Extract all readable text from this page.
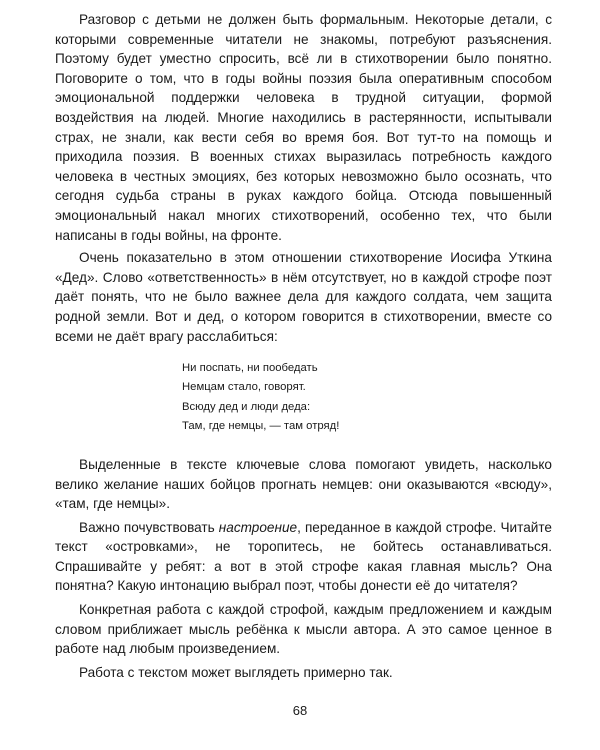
Разговор с детьми не должен быть формальным. Некоторые детали, с которыми современные читатели не знакомы, потребуют разъяснения. Поэтому будет уместно спросить, всё ли в стихотворении было понятно. Поговорите о том, что в годы войны поэзия была оперативным способом эмоциональной поддержки человека в трудной ситуации, формой воздействия на людей. Многие находились в растерянности, испытывали страх, не знали, как вести себя во время боя. Вот тут-то на помощь и приходила поэзия. В военных стихах выразилась потребность каждого человека в честных эмоциях, без которых невозможно было осознать, что сегодня судьба страны в руках каждого бойца. Отсюда повышенный эмоциональный накал многих стихотворений, особенно тех, что были написаны в годы войны, на фронте.

Очень показательно в этом отношении стихотворение Иосифа Уткина «Дед». Слово «ответственность» в нём отсутствует, но в каждой строфе поэт даёт понять, что не было важнее дела для каждого солдата, чем защита родной земли. Вот и дед, о котором говорится в стихотворении, вместе со всеми не даёт врагу расслабиться:

Ни поспать, ни пообедать
Немцам стало, говорят.
Всюду дед и люди деда:
Там, где немцы, — там отряд!

Выделенные в тексте ключевые слова помогают увидеть, насколько велико желание наших бойцов прогнать немцев: они оказываются «всюду», «там, где немцы».

Важно почувствовать настроение, переданное в каждой строфе. Читайте текст «островками», не торопитесь, не бойтесь останавливаться. Спрашивайте у ребят: а вот в этой строфе какая главная мысль? Она понятна? Какую интонацию выбрал поэт, чтобы донести её до читателя?

Конкретная работа с каждой строфой, каждым предложением и каждым словом приближает мысль ребёнка к мысли автора. А это самое ценное в работе над любым произведением.

Работа с текстом может выглядеть примерно так.

68
